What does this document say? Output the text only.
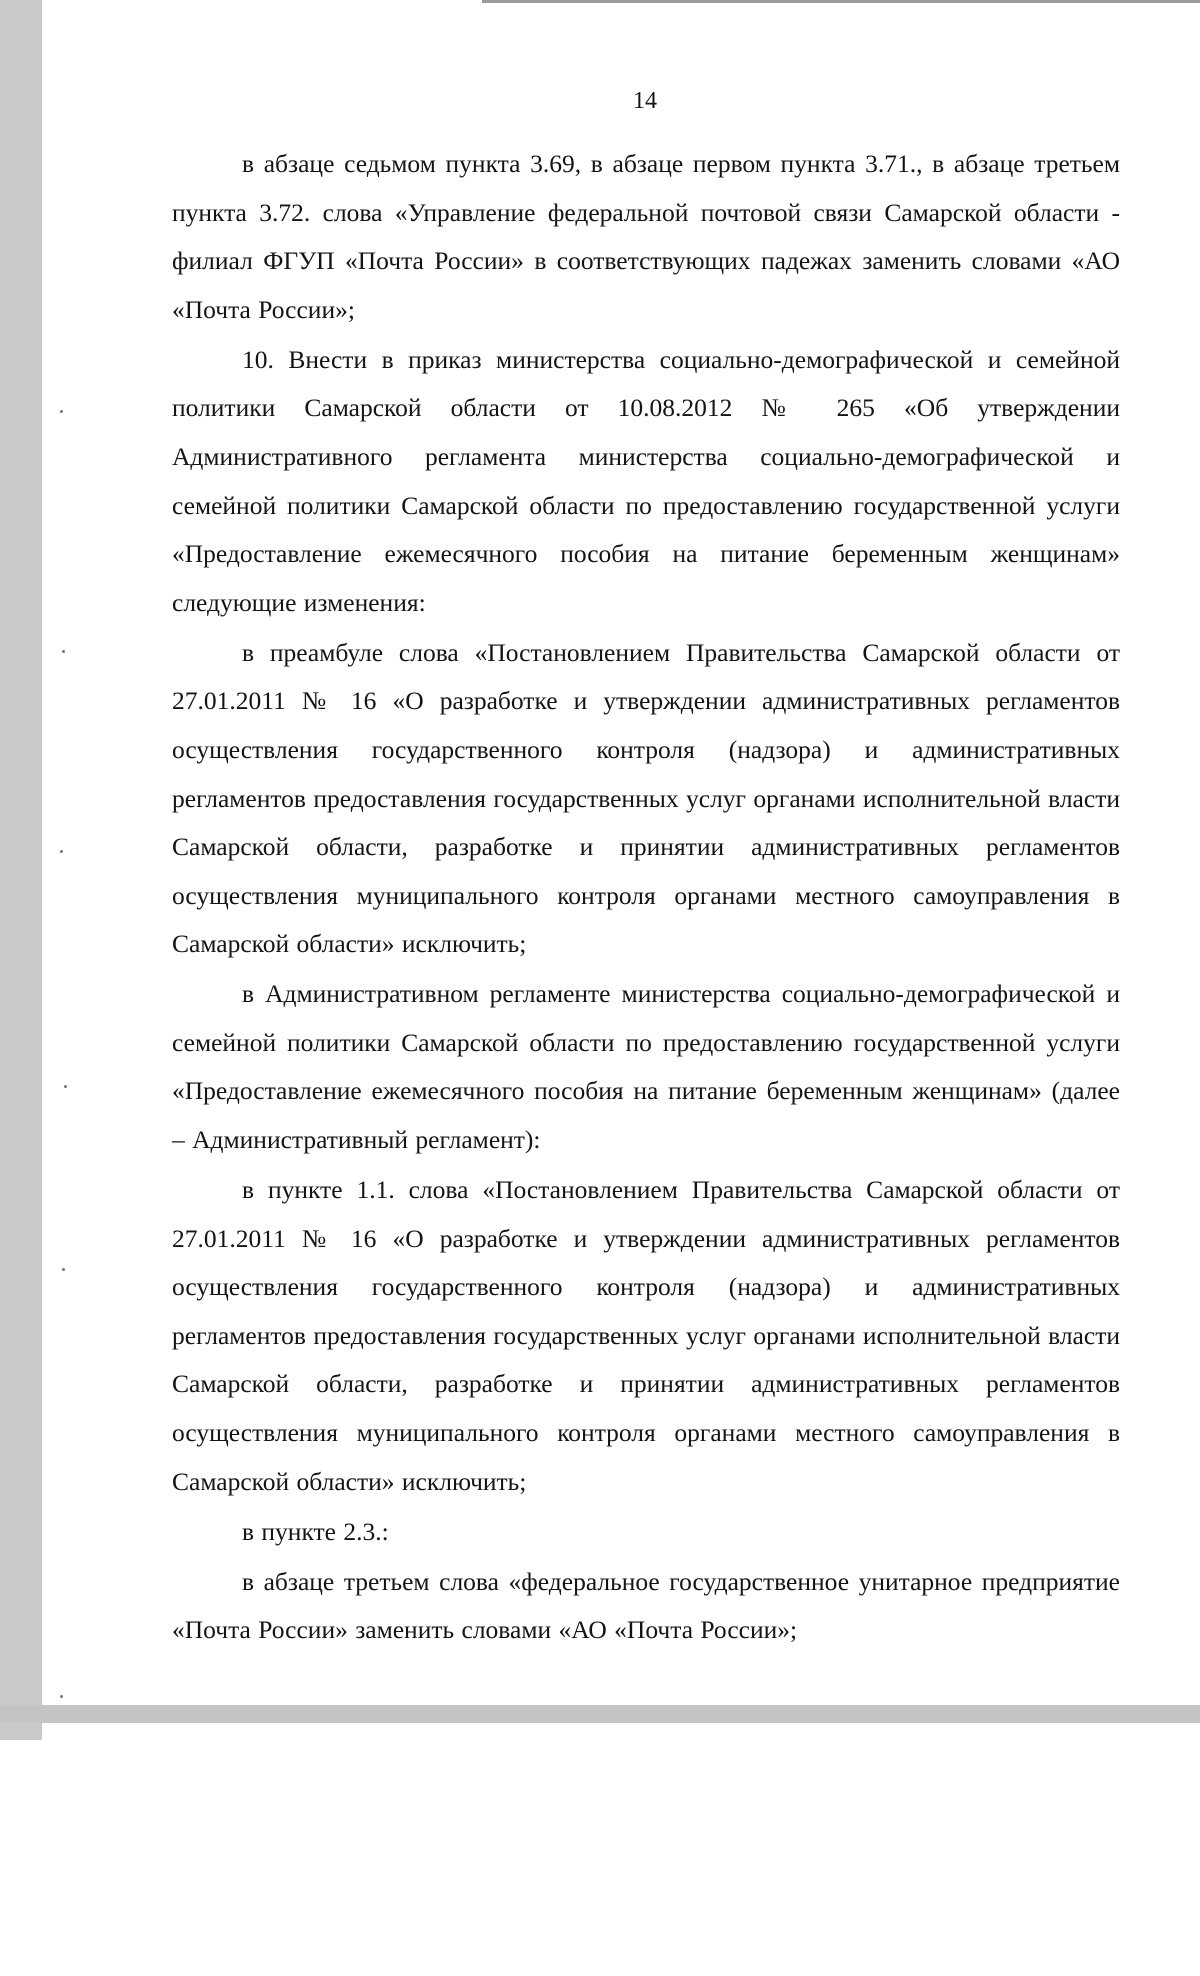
14

в абзаце седьмом пункта 3.69, в абзаце первом пункта 3.71., в абзаце третьем пункта 3.72. слова «Управление федеральной почтовой связи Самарской области - филиал ФГУП «Почта России» в соответствующих падежах заменить словами «АО «Почта России»;

10. Внести в приказ министерства социально-демографической и семейной политики Самарской области от 10.08.2012 № 265 «Об утверждении Административного регламента министерства социально-демографической и семейной политики Самарской области по предоставлению государственной услуги «Предоставление ежемесячного пособия на питание беременным женщинам» следующие изменения:

в преамбуле слова «Постановлением Правительства Самарской области от 27.01.2011 № 16 «О разработке и утверждении административных регламентов осуществления государственного контроля (надзора) и административных регламентов предоставления государственных услуг органами исполнительной власти Самарской области, разработке и принятии административных регламентов осуществления муниципального контроля органами местного самоуправления в Самарской области» исключить;

в Административном регламенте министерства социально-демографической и семейной политики Самарской области по предоставлению государственной услуги «Предоставление ежемесячного пособия на питание беременным женщинам» (далее – Административный регламент):

в пункте 1.1. слова «Постановлением Правительства Самарской области от 27.01.2011 № 16 «О разработке и утверждении административных регламентов осуществления государственного контроля (надзора) и административных регламентов предоставления государственных услуг органами исполнительной власти Самарской области, разработке и принятии административных регламентов осуществления муниципального контроля органами местного самоуправления в Самарской области» исключить;

в пункте 2.3.:

в абзаце третьем слова «федеральное государственное унитарное предприятие «Почта России» заменить словами «АО «Почта России»;
